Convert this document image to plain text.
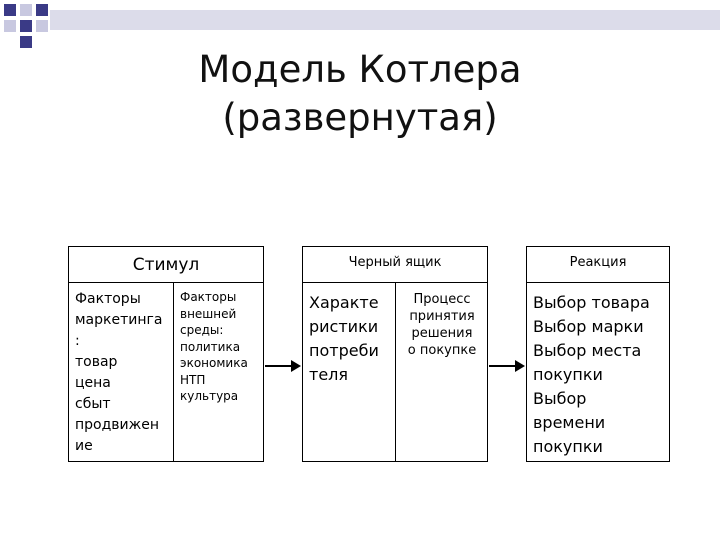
Модель Котлера
(развернутая)
Стимул
Факторы
маркетинга
:
товар
цена
сбыт
продвижен
ие
Факторы
внешней
среды:
политика
экономика
НТП
культура
Черный ящик
Характе
ристики
потреби
теля
Процесс
принятия
решения
о покупке
Реакция
Выбор товара
Выбор марки
Выбор места
покупки
Выбор
времени
покупки
